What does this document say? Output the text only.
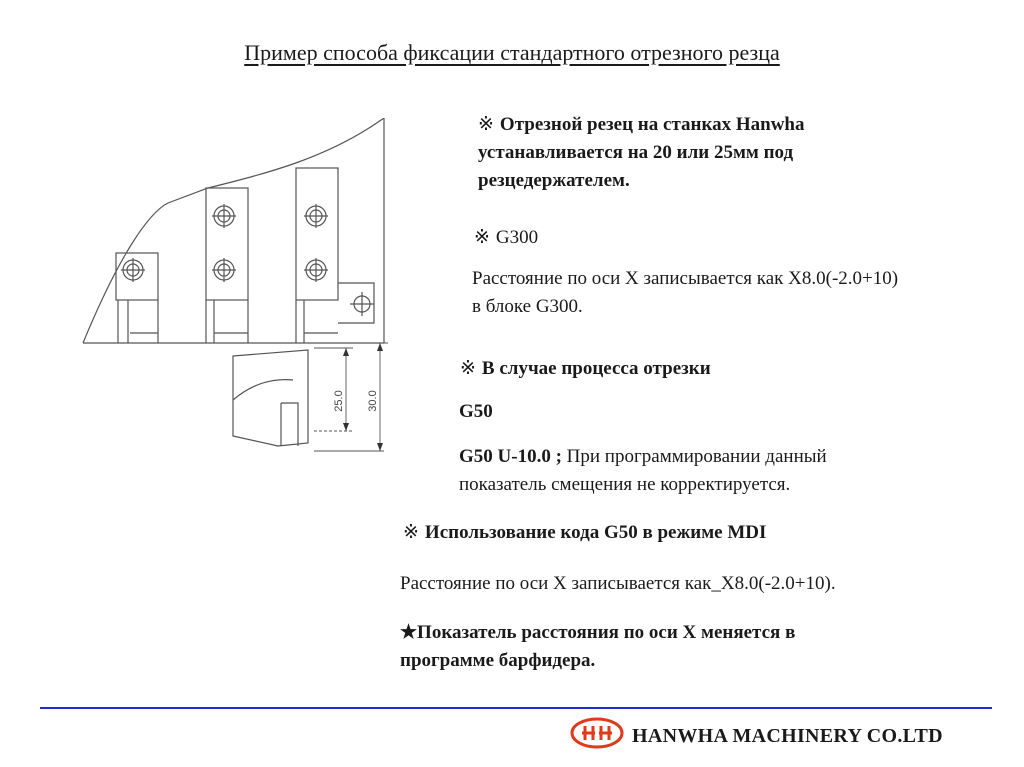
Пример способа фиксации стандартного отрезного резца
25.0 30.0
※ Отрезной резец на станках Hanwha
устанавливается на 20 или 25мм под
резцедержателем.
※ G300
Расстояние по оси X записывается как X8.0(-2.0+10)
в блоке G300.
※ В случае процесса отрезки
G50
G50 U-10.0 ; При программировании данный
показатель смещения не корректируется.
※ Использование кода G50 в режиме MDI
Расстояние по оси X записывается как_X8.0(-2.0+10).
★Показатель расстояния по оси X меняется в
программе барфидера.
HANWHA MACHINERY CO.LTD
